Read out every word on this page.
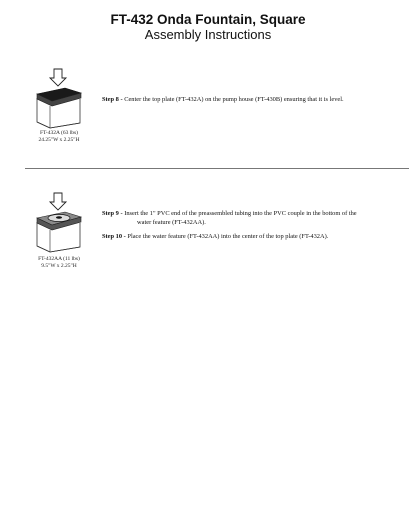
FT-432 Onda Fountain, Square
Assembly Instructions
FT-432A (63 lbs)
24.25"W x 2.25"H
Step 8 - Center the top plate (FT-432A) on the pump house (FT-430B) ensuring that it is level.
FT-432AA (11 lbs)
9.5"W x 2.25"H
Step 9 - Insert the 1" PVC end of the preassembled tubing into the PVC couple in the bottom of the
water feature (FT-432AA).
Step 10 - Place the water feature (FT-432AA) into the center of the top plate (FT-432A).
